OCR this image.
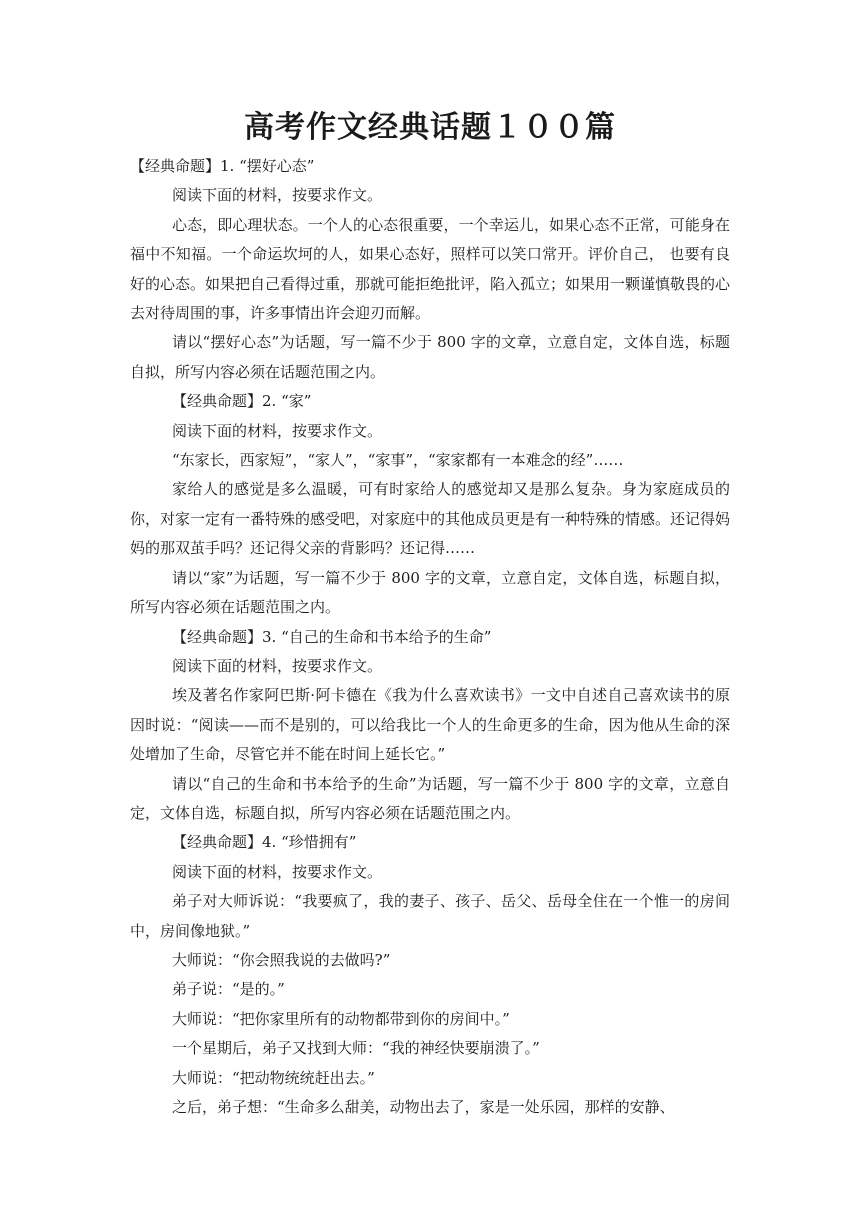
高考作文经典话题１００篇

【经典命题】1. “摆好心态”

阅读下面的材料，按要求作文。

心态，即心理状态。一个人的心态很重要，一个幸运儿，如果心态不正常，可能身在福中不知福。一个命运坎坷的人，如果心态好，照样可以笑口常开。评价自己， 也要有良好的心态。如果把自己看得过重，那就可能拒绝批评，陷入孤立；如果用一颗谨慎敬畏的心去对待周围的事，许多事情出许会迎刃而解。

请以“摆好心态”为话题，写一篇不少于 800 字的文章，立意自定，文体自选，标题自拟，所写内容必须在话题范围之内。

【经典命题】2. “家”

阅读下面的材料，按要求作文。

“东家长，西家短”，“家人”，“家事”，“家家都有一本难念的经”……

家给人的感觉是多么温暖，可有时家给人的感觉却又是那么复杂。身为家庭成员的你，对家一定有一番特殊的感受吧，对家庭中的其他成员更是有一种特殊的情感。还记得妈妈的那双茧手吗？还记得父亲的背影吗？还记得……

请以“家”为话题，写一篇不少于 800 字的文章，立意自定，文体自选，标题自拟，所写内容必须在话题范围之内。

【经典命题】3. “自己的生命和书本给予的生命”

阅读下面的材料，按要求作文。

埃及著名作家阿巴斯·阿卡德在《我为什么喜欢读书》一文中自述自己喜欢读书的原因时说：“阅读——而不是别的，可以给我比一个人的生命更多的生命，因为他从生命的深处增加了生命，尽管它并不能在时间上延长它。”

请以“自己的生命和书本给予的生命”为话题，写一篇不少于 800 字的文章，立意自定，文体自选，标题自拟，所写内容必须在话题范围之内。

【经典命题】4. “珍惜拥有”

阅读下面的材料，按要求作文。

弟子对大师诉说：“我要疯了，我的妻子、孩子、岳父、岳母全住在一个惟一的房间中，房间像地狱。”

大师说：“你会照我说的去做吗?”

弟子说：“是的。”

大师说：“把你家里所有的动物都带到你的房间中。”

一个星期后，弟子又找到大师：“我的神经快要崩溃了。”

大师说：“把动物统统赶出去。”

之后，弟子想：“生命多么甜美，动物出去了，家是一处乐园，那样的安静、
